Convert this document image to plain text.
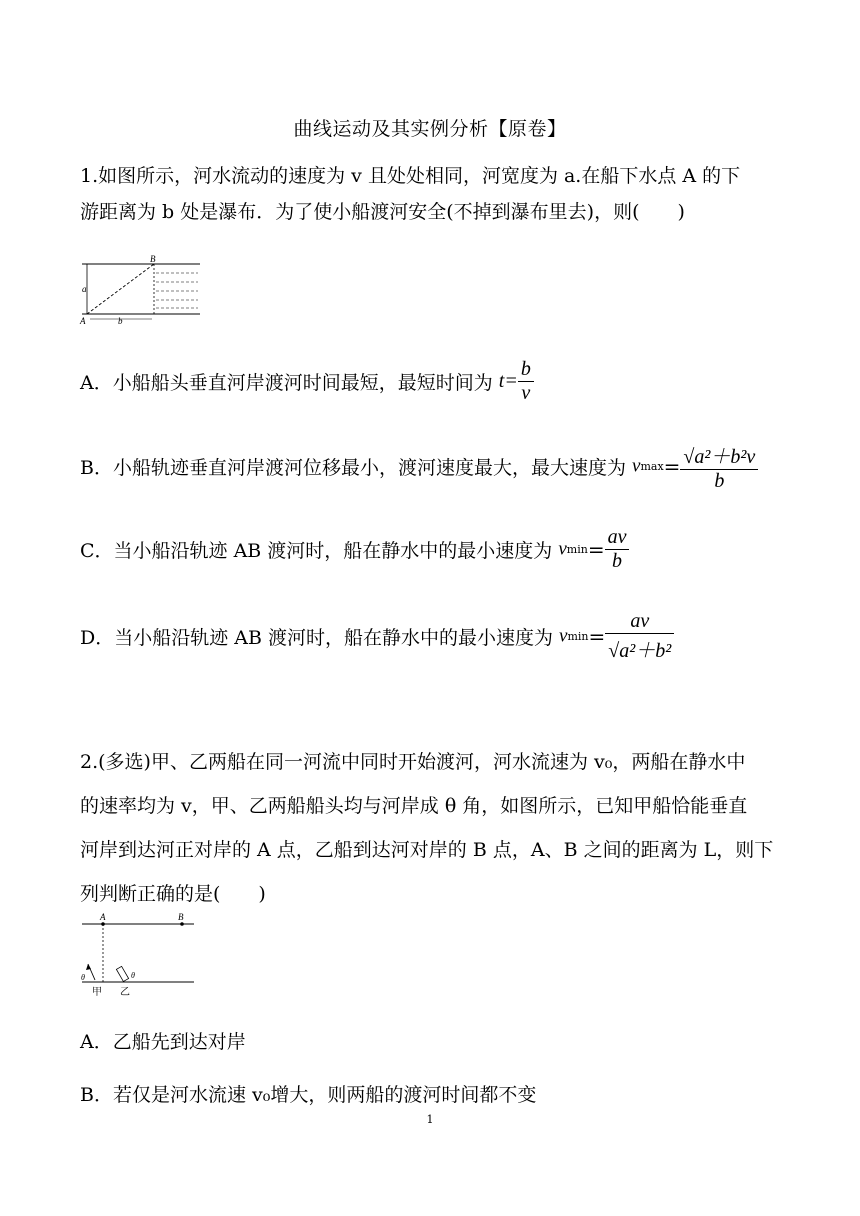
曲线运动及其实例分析【原卷】
1.如图所示，河水流动的速度为 v 且处处相同，河宽度为 a.在船下水点 A 的下
游距离为 b 处是瀑布．为了使小船渡河安全(不掉到瀑布里去)，则(　　)
B
a
A	b
A．小船船头垂直河岸渡河时间最短，最短时间为 $t= \frac{b}{v}$
B．小船轨迹垂直河岸渡河位移最小，渡河速度最大，最大速度为 $vmax= \frac{\text{√a²＋b²v}}{b}$
C．当小船沿轨迹 AB 渡河时，船在静水中的最小速度为 $vmin= \frac{av}{b}$
D．当小船沿轨迹 AB 渡河时，船在静水中的最小速度为 $vmin= \frac{av}{\text{√a²＋b²}}$
2.(多选)甲、乙两船在同一河流中同时开始渡河，河水流速为 v₀，两船在静水中
的速率均为 v，甲、乙两船船头均与河岸成 θ 角，如图所示，已知甲船恰能垂直
河岸到达河正对岸的 A 点，乙船到达河对岸的 B 点，A、B 之间的距离为 L，则下
列判断正确的是(　　)
A	B
θ	θ
甲 乙
A．乙船先到达对岸
B．若仅是河水流速 v₀增大，则两船的渡河时间都不变
1
